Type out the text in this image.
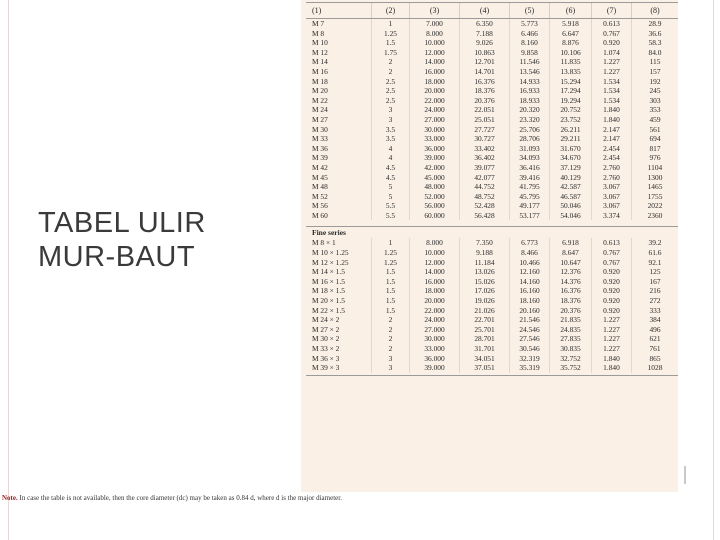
TABEL ULIR
MUR-BAUT
(1)	(2)	(3)	(4)	(5)	(6)	(7)	(8)
M 7	1	7.000	6.350	5.773	5.918	0.613	28.9
M 8	1.25	8.000	7.188	6.466	6.647	0.767	36.6
M 10	1.5	10.000	9.026	8.160	8.876	0.920	58.3
M 12	1.75	12.000	10.863	9.858	10.106	1.074	84.0
M 14	2	14.000	12.701	11.546	11.835	1.227	115
M 16	2	16.000	14.701	13.546	13.835	1.227	157
M 18	2.5	18.000	16.376	14.933	15.294	1.534	192
M 20	2.5	20.000	18.376	16.933	17.294	1.534	245
M 22	2.5	22.000	20.376	18.933	19.294	1.534	303
M 24	3	24.000	22.051	20.320	20.752	1.840	353
M 27	3	27.000	25.051	23.320	23.752	1.840	459
M 30	3.5	30.000	27.727	25.706	26.211	2.147	561
M 33	3.5	33.000	30.727	28.706	29.211	2.147	694
M 36	4	36.000	33.402	31.093	31.670	2.454	817
M 39	4	39.000	36.402	34.093	34.670	2.454	976
M 42	4.5	42.000	39.077	36.416	37.129	2.760	1104
M 45	4.5	45.000	42.077	39.416	40.129	2.760	1300
M 48	5	48.000	44.752	41.795	42.587	3.067	1465
M 52	5	52.000	48.752	45.795	46.587	3.067	1755
M 56	5.5	56.000	52.428	49.177	50.046	3.067	2022
M 60	5.5	60.000	56.428	53.177	54.046	3.374	2360
Fine series
M 8 × 1	1	8.000	7.350	6.773	6.918	0.613	39.2
M 10 × 1.25	1.25	10.000	9.188	8.466	8.647	0.767	61.6
M 12 × 1.25	1.25	12.000	11.184	10.466	10.647	0.767	92.1
M 14 × 1.5	1.5	14.000	13.026	12.160	12.376	0.920	125
M 16 × 1.5	1.5	16.000	15.026	14.160	14.376	0.920	167
M 18 × 1.5	1.5	18.000	17.026	16.160	16.376	0.920	216
M 20 × 1.5	1.5	20.000	19.026	18.160	18.376	0.920	272
M 22 × 1.5	1.5	22.000	21.026	20.160	20.376	0.920	333
M 24 × 2	2	24.000	22.701	21.546	21.835	1.227	384
M 27 × 2	2	27.000	25.701	24.546	24.835	1.227	496
M 30 × 2	2	30.000	28.701	27.546	27.835	1.227	621
M 33 × 2	2	33.000	31.701	30.546	30.835	1.227	761
M 36 × 3	3	36.000	34.051	32.319	32.752	1.840	865
M 39 × 3	3	39.000	37.051	35.319	35.752	1.840	1028
Note. In case the table is not available, then the core diameter (dc) may be taken as 0.84 d, where d is the major diameter.
